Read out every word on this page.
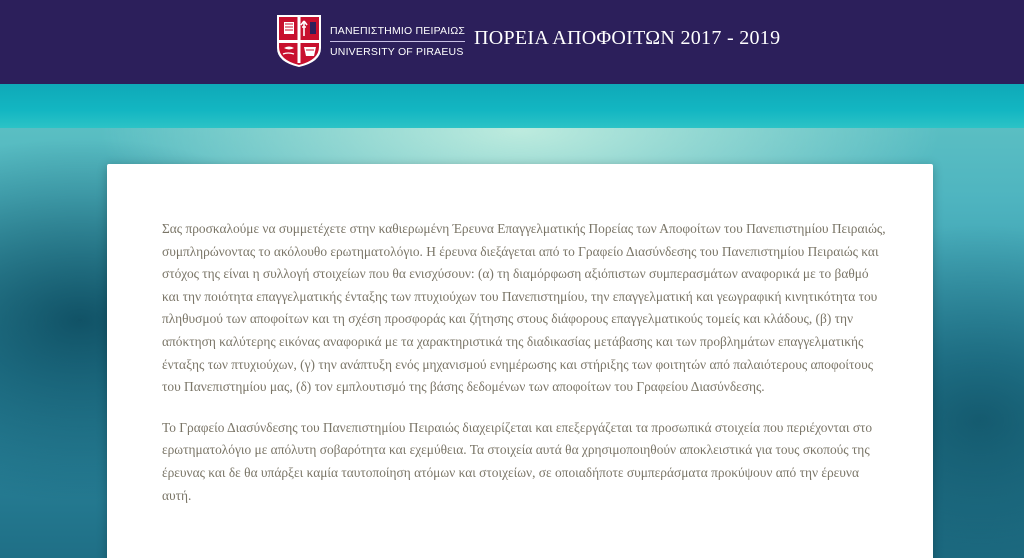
ΠΑΝΕΠΙΣΤΗΜΙΟ ΠΕΙΡΑΙΩΣ
UNIVERSITY OF PIRAEUS
ΠΟΡΕΙΑ ΑΠΟΦΟΙΤΩΝ 2017 - 2019

Σας προσκαλούμε να συμμετέχετε στην καθιερωμένη Έρευνα Επαγγελματικής Πορείας των Αποφοίτων του Πανεπιστημίου Πειραιώς, συμπληρώνοντας το ακόλουθο ερωτηματολόγιο. Η έρευνα διεξάγεται από το Γραφείο Διασύνδεσης του Πανεπιστημίου Πειραιώς και στόχος της είναι η συλλογή στοιχείων που θα ενισχύσουν: (α) τη διαμόρφωση αξιόπιστων συμπερασμάτων αναφορικά με το βαθμό και την ποιότητα επαγγελματικής ένταξης των πτυχιούχων του Πανεπιστημίου, την επαγγελματική και γεωγραφική κινητικότητα του πληθυσμού των αποφοίτων και τη σχέση προσφοράς και ζήτησης στους διάφορους επαγγελματικούς τομείς και κλάδους, (β) την απόκτηση καλύτερης εικόνας αναφορικά με τα χαρακτηριστικά της διαδικασίας μετάβασης και των προβλημάτων επαγγελματικής ένταξης των πτυχιούχων, (γ) την ανάπτυξη ενός μηχανισμού ενημέρωσης και στήριξης των φοιτητών από παλαιότερους αποφοίτους του Πανεπιστημίου μας, (δ) τον εμπλουτισμό της βάσης δεδομένων των αποφοίτων του Γραφείου Διασύνδεσης.

Το Γραφείο Διασύνδεσης του Πανεπιστημίου Πειραιώς διαχειρίζεται και επεξεργάζεται τα προσωπικά στοιχεία που περιέχονται στο ερωτηματολόγιο με απόλυτη σοβαρότητα και εχεμύθεια. Τα στοιχεία αυτά θα χρησιμοποιηθούν αποκλειστικά για τους σκοπούς της έρευνας και δε θα υπάρξει καμία ταυτοποίηση ατόμων και στοιχείων, σε οποιαδήποτε συμπεράσματα προκύψουν από την έρευνα αυτή.
